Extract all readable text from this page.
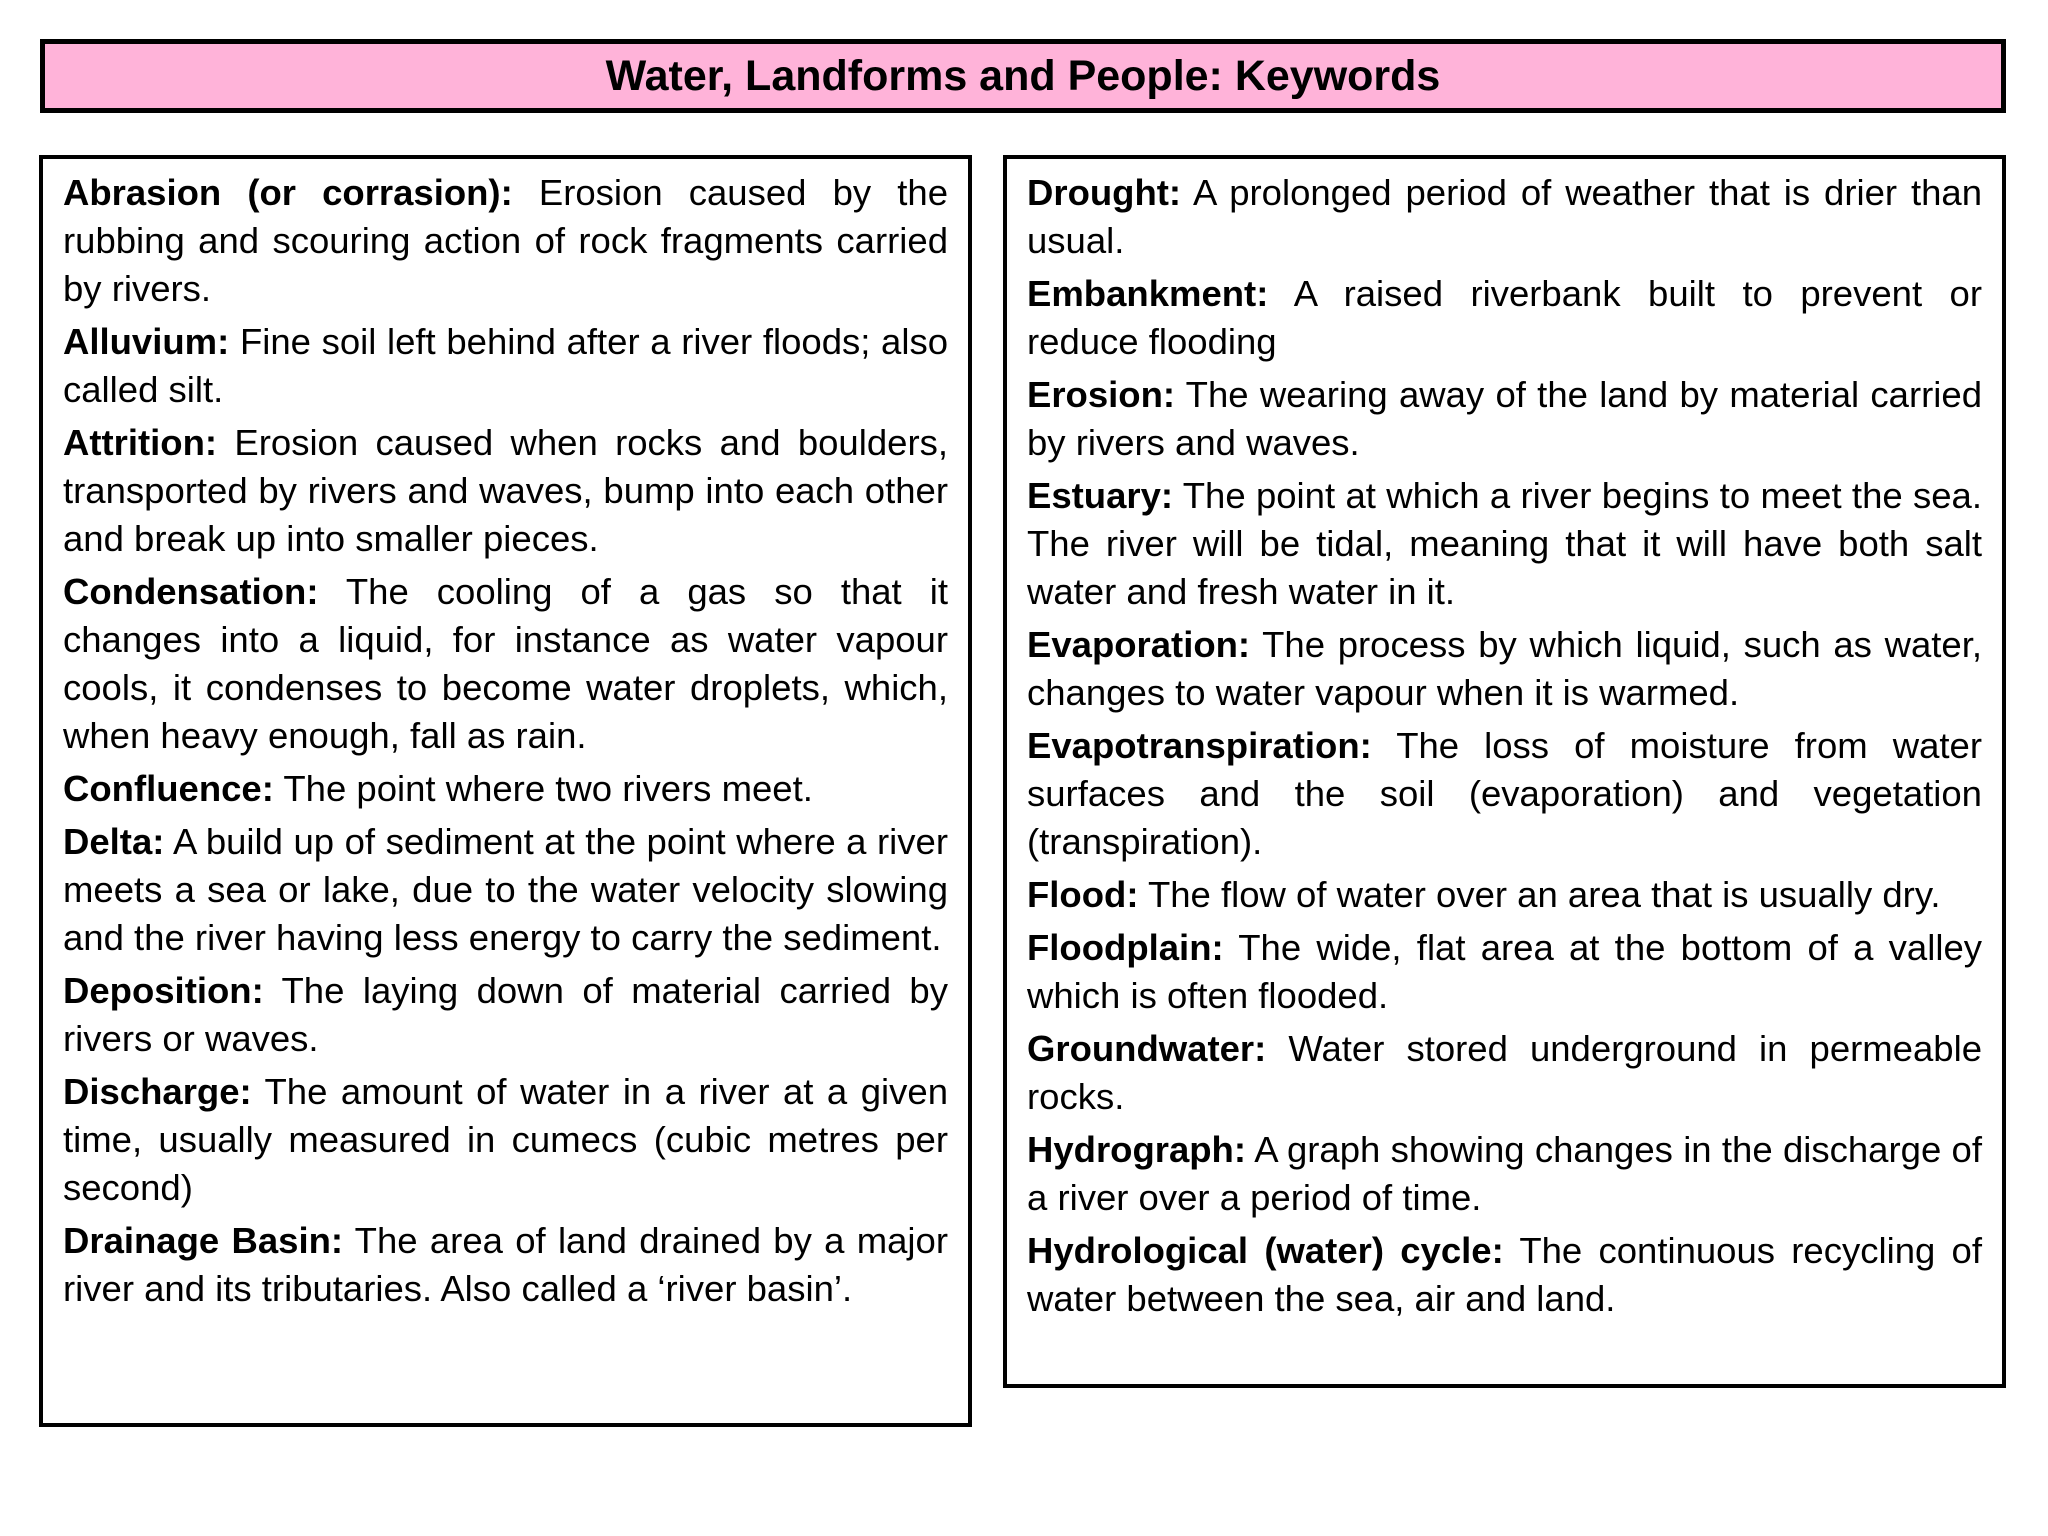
Water, Landforms and People: Keywords

Abrasion (or corrasion): Erosion caused by the rubbing and scouring action of rock fragments carried by rivers.

Alluvium: Fine soil left behind after a river floods; also called silt.

Attrition: Erosion caused when rocks and boulders, transported by rivers and waves, bump into each other and break up into smaller pieces.

Condensation: The cooling of a gas so that it changes into a liquid, for instance as water vapour cools, it condenses to become water droplets, which, when heavy enough, fall as rain.

Confluence: The point where two rivers meet.

Delta: A build up of sediment at the point where a river meets a sea or lake, due to the water velocity slowing and the river having less energy to carry the sediment.

Deposition: The laying down of material carried by rivers or waves.

Discharge: The amount of water in a river at a given time, usually measured in cumecs (cubic metres per second)

Drainage Basin: The area of land drained by a major river and its tributaries. Also called a ‘river basin’.

Drought: A prolonged period of weather that is drier than usual.

Embankment: A raised riverbank built to prevent or reduce flooding

Erosion: The wearing away of the land by material carried by rivers and waves.

Estuary: The point at which a river begins to meet the sea. The river will be tidal, meaning that it will have both salt water and fresh water in it.

Evaporation: The process by which liquid, such as water, changes to water vapour when it is warmed.

Evapotranspiration: The loss of moisture from water surfaces and the soil (evaporation) and vegetation (transpiration).

Flood: The flow of water over an area that is usually dry.

Floodplain: The wide, flat area at the bottom of a valley which is often flooded.

Groundwater: Water stored underground in permeable rocks.

Hydrograph: A graph showing changes in the discharge of a river over a period of time.

Hydrological (water) cycle: The continuous recycling of water between the sea, air and land.
